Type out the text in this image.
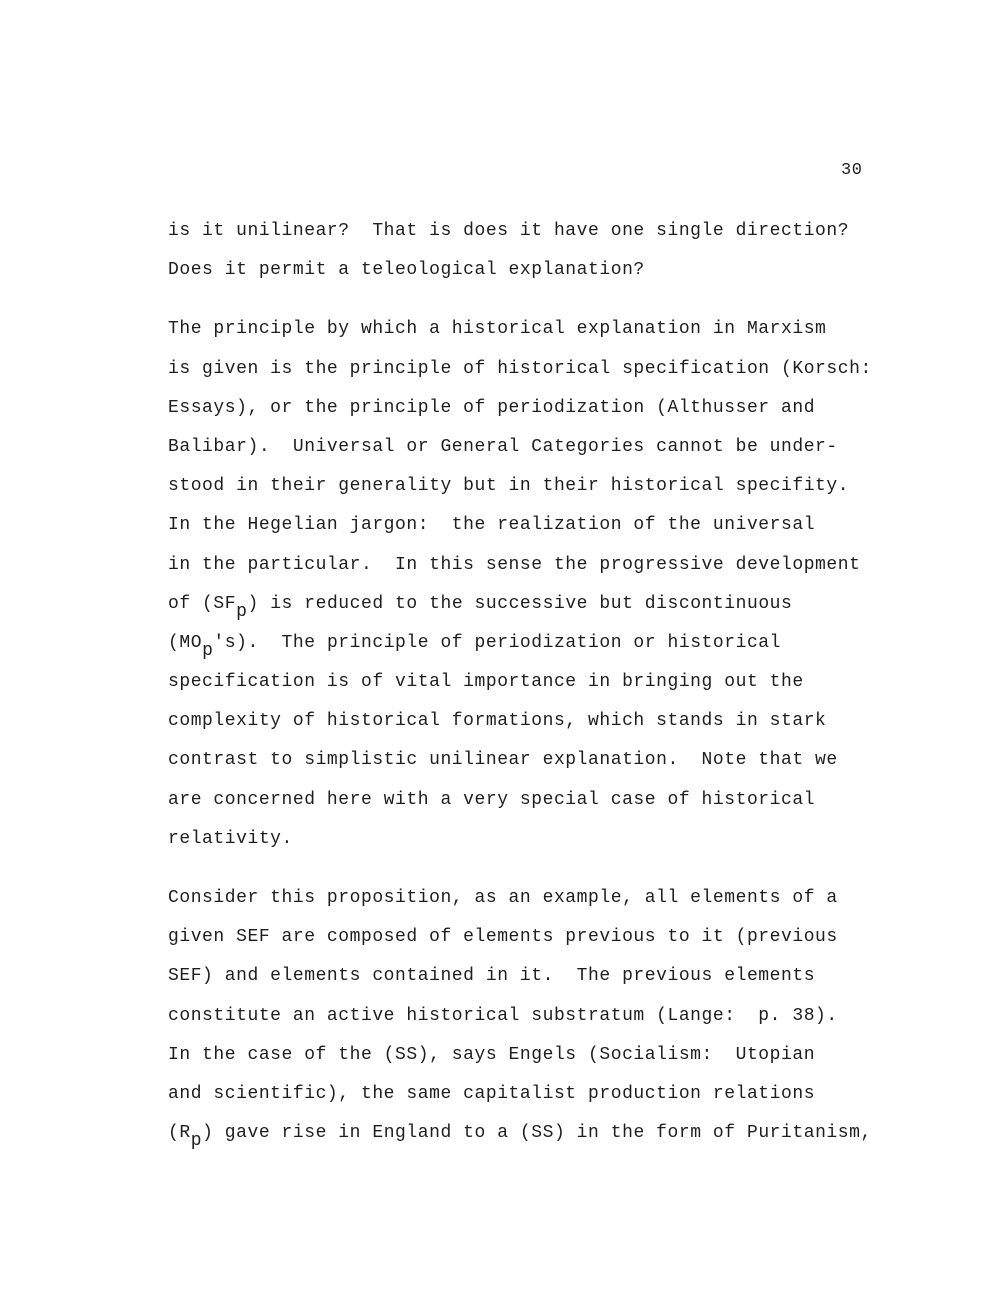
30
is it unilinear?  That is does it have one single direction?
Does it permit a teleological explanation?
The principle by which a historical explanation in Marxism
is given is the principle of historical specification (Korsch:
Essays), or the principle of periodization (Althusser and
Balibar).  Universal or General Categories cannot be under-
stood in their generality but in their historical specifity.
In the Hegelian jargon:  the realization of the universal
in the particular.  In this sense the progressive development
of (SFp) is reduced to the successive but discontinuous
(MOp's).  The principle of periodization or historical
specification is of vital importance in bringing out the
complexity of historical formations, which stands in stark
contrast to simplistic unilinear explanation.  Note that we
are concerned here with a very special case of historical
relativity.
Consider this proposition, as an example, all elements of a
given SEF are composed of elements previous to it (previous
SEF) and elements contained in it.  The previous elements
constitute an active historical substratum (Lange:  p. 38).
In the case of the (SS), says Engels (Socialism:  Utopian
and scientific), the same capitalist production relations
(Rp) gave rise in England to a (SS) in the form of Puritanism,
